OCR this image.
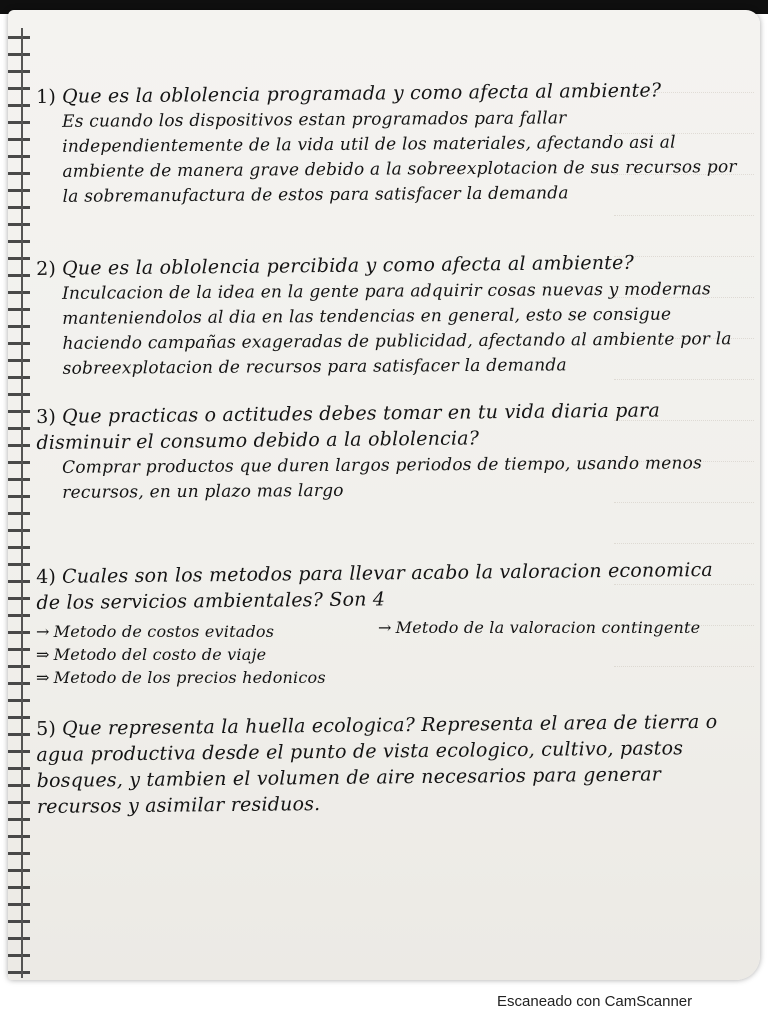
1) Que es la oblolencia programada y como afecta al ambiente?
Es cuando los dispositivos estan programados para fallar independientemente de la vida util de los materiales, afectando asi al ambiente de manera grave debido a la sobreexplotacion de sus recursos por la sobremanufactura de estos para satisfacer la demanda
2) Que es la oblolencia percibida y como afecta al ambiente?
Inculcacion de la idea en la gente para adquirir cosas nuevas y modernas manteniendolos al dia en las tendencias en general, esto se consigue haciendo campañas exageradas de publicidad, afectando al ambiente por la sobreexplotacion de recursos para satisfacer la demanda
3) Que practicas o actitudes debes tomar en tu vida diaria para disminuir el consumo debido a la oblolencia?
Comprar productos que duren largos periodos de tiempo, usando menos recursos, en un plazo mas largo
4) Cuales son los metodos para llevar acabo la valoracion economica de los servicios ambientales? Son 4
→ Metodo de costos evitados
⇒ Metodo del costo de viaje
⇒ Metodo de los precios hedonicos
→ Metodo de la valoracion contingente
5) Que representa la huella ecologica? Representa el area de tierra o agua productiva desde el punto de vista ecologico, cultivo, pastos bosques, y tambien el volumen de aire necesarios para generar recursos y asimilar residuos.
Escaneado con CamScanner
